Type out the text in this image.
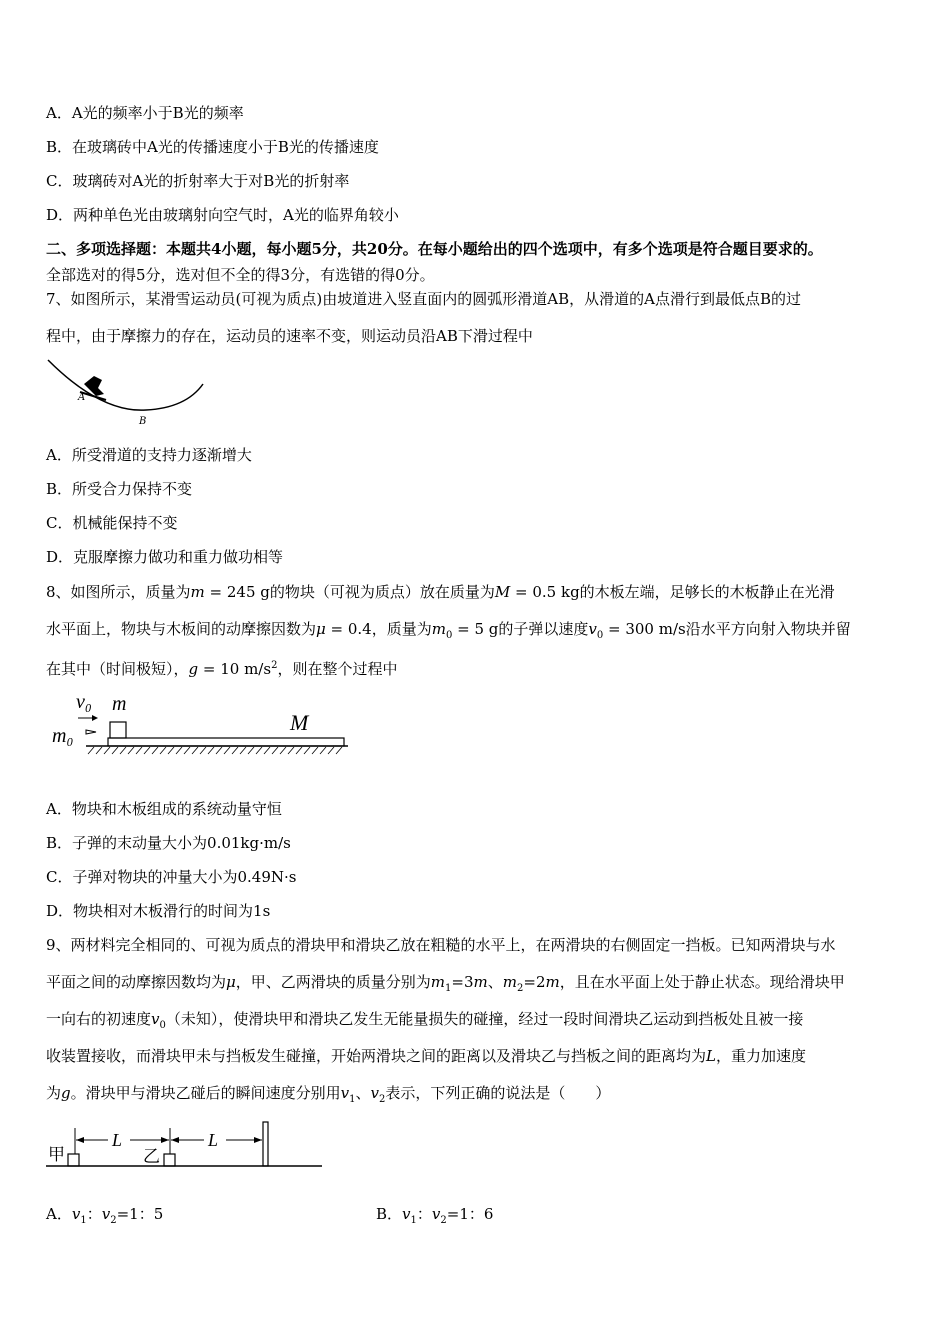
A．A光的频率小于B光的频率
B．在玻璃砖中A光的传播速度小于B光的传播速度
C．玻璃砖对A光的折射率大于对B光的折射率
D．两种单色光由玻璃射向空气时，A光的临界角较小
二、多项选择题：本题共4小题，每小题5分，共20分。在每小题给出的四个选项中，有多个选项是符合题目要求的。
全部选对的得5分，选对但不全的得3分，有选错的得0分。
7、如图所示，某滑雪运动员(可视为质点)由坡道进入竖直面内的圆弧形滑道AB，从滑道的A点滑行到最低点B的过
程中，由于摩擦力的存在，运动员的速率不变，则运动员沿AB下滑过程中
A
B
A．所受滑道的支持力逐渐增大
B．所受合力保持不变
C．机械能保持不变
D．克服摩擦力做功和重力做功相等
8、如图所示，质量为m = 245 g的物块（可视为质点）放在质量为M = 0.5 kg的木板左端，足够长的木板静止在光滑
水平面上，物块与木板间的动摩擦因数为μ = 0.4，质量为$m_0 = 5$ g的子弹以速度$v_0 = 300$ m/s沿水平方向射入物块并留
在其中（时间极短），g = 10 $m/s^2$，则在整个过程中
v₀ m
m₀
M
A．物块和木板组成的系统动量守恒
B．子弹的末动量大小为0.01kg·m/s
C．子弹对物块的冲量大小为0.49N·s
D．物块相对木板滑行的时间为1s
9、两材料完全相同的、可视为质点的滑块甲和滑块乙放在粗糙的水平上，在两滑块的右侧固定一挡板。已知两滑块与水
平面之间的动摩擦因数均为μ，甲、乙两滑块的质量分别为$m_1=3m$、$m_2=2m$，且在水平面上处于静止状态。现给滑块甲
一向右的初速度$v_0$（未知），使滑块甲和滑块乙发生无能量损失的碰撞，经过一段时间滑块乙运动到挡板处且被一接
收装置接收，而滑块甲未与挡板发生碰撞，开始两滑块之间的距离以及滑块乙与挡板之间的距离均为L，重力加速度
为g。滑块甲与滑块乙碰后的瞬间速度分别用$v_1$、$v_2$表示，下列正确的说法是（　　）
甲	乙
L	L
A．$v_1$：$v_2=1$：5	B．$v_1$：$v_2=1$：6
